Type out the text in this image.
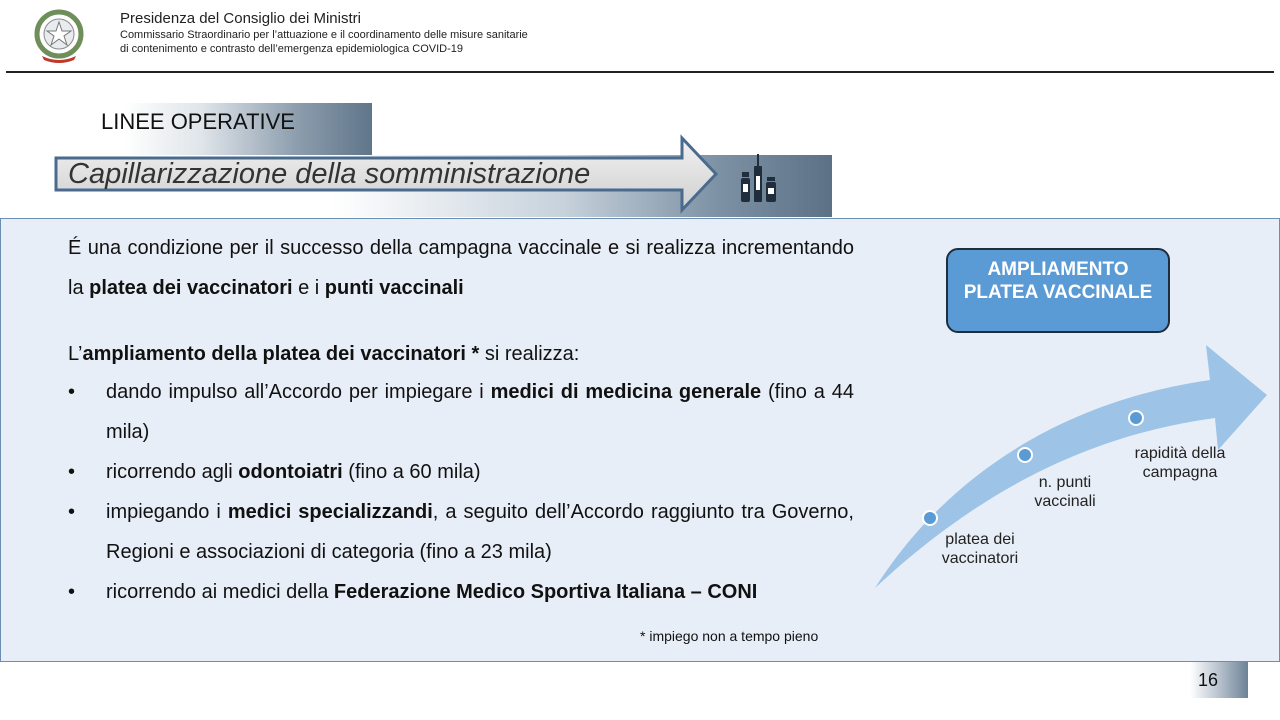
Presidenza del Consiglio dei Ministri
Commissario Straordinario per l’attuazione e il coordinamento delle misure sanitarie
di contenimento e contrasto dell’emergenza epidemiologica COVID-19
LINEE OPERATIVE
Capillarizzazione della somministrazione
É una condizione per il successo della campagna vaccinale e si realizza incrementando la platea dei vaccinatori e i punti vaccinali
L’ampliamento della platea dei vaccinatori * si realizza:
• dando impulso all’Accordo per impiegare i medici di medicina generale (fino a 44 mila)
• ricorrendo agli odontoiatri (fino a 60 mila)
• impiegando i medici specializzandi, a seguito dell’Accordo raggiunto tra Governo, Regioni e associazioni di categoria (fino a 23 mila)
• ricorrendo ai medici della Federazione Medico Sportiva Italiana – CONI
* impiego non a tempo pieno
AMPLIAMENTO PLATEA VACCINALE
platea dei vaccinatori
n. punti vaccinali
rapidità della campagna
16
